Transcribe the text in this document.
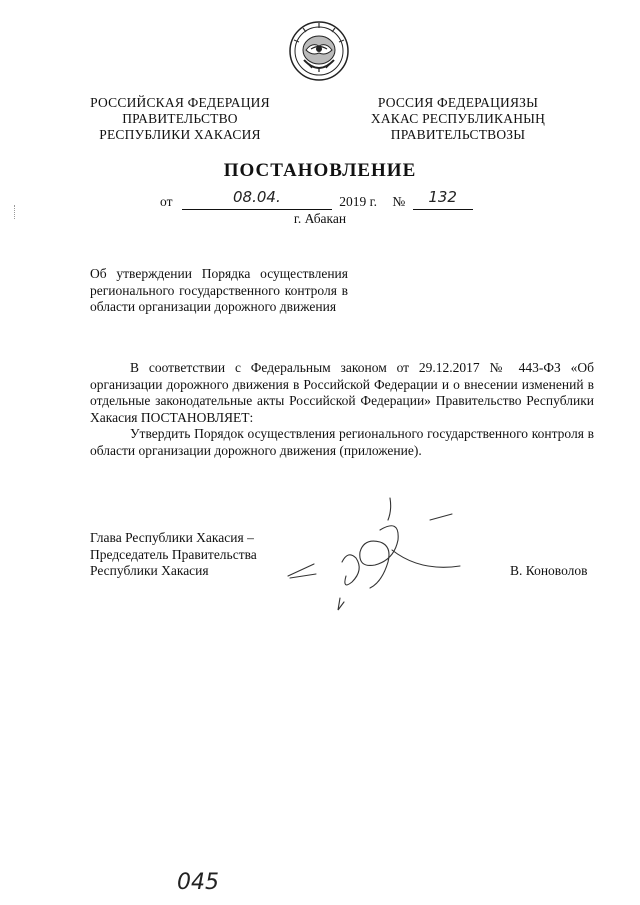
РОССИЙСКАЯ ФЕДЕРАЦИЯ
ПРАВИТЕЛЬСТВО
РЕСПУБЛИКИ ХАКАСИЯ
РОССИЯ ФЕДЕРАЦИЯЗЫ
ХАКАС РЕСПУБЛИКАНЫҢ
ПРАВИТЕЛЬСТВОЗЫ
ПОСТАНОВЛЕНИЕ
от	08.04.	2019 г. №	132
г. Абакан
Об утверждении Порядка осуществления регионального государственного контроля в области организации дорожного движения

В соответствии с Федеральным законом от 29.12.2017 № 443-ФЗ «Об организации дорожного движения в Российской Федерации и о внесении изменений в отдельные законодательные акты Российской Федерации» Правительство Республики Хакасия ПОСТАНОВЛЯЕТ:

Утвердить Порядок осуществления регионального государственного контроля в области организации дорожного движения (приложение).

Глава Республики Хакасия –
Председатель Правительства
Республики Хакасия	В. Коноволов
045
